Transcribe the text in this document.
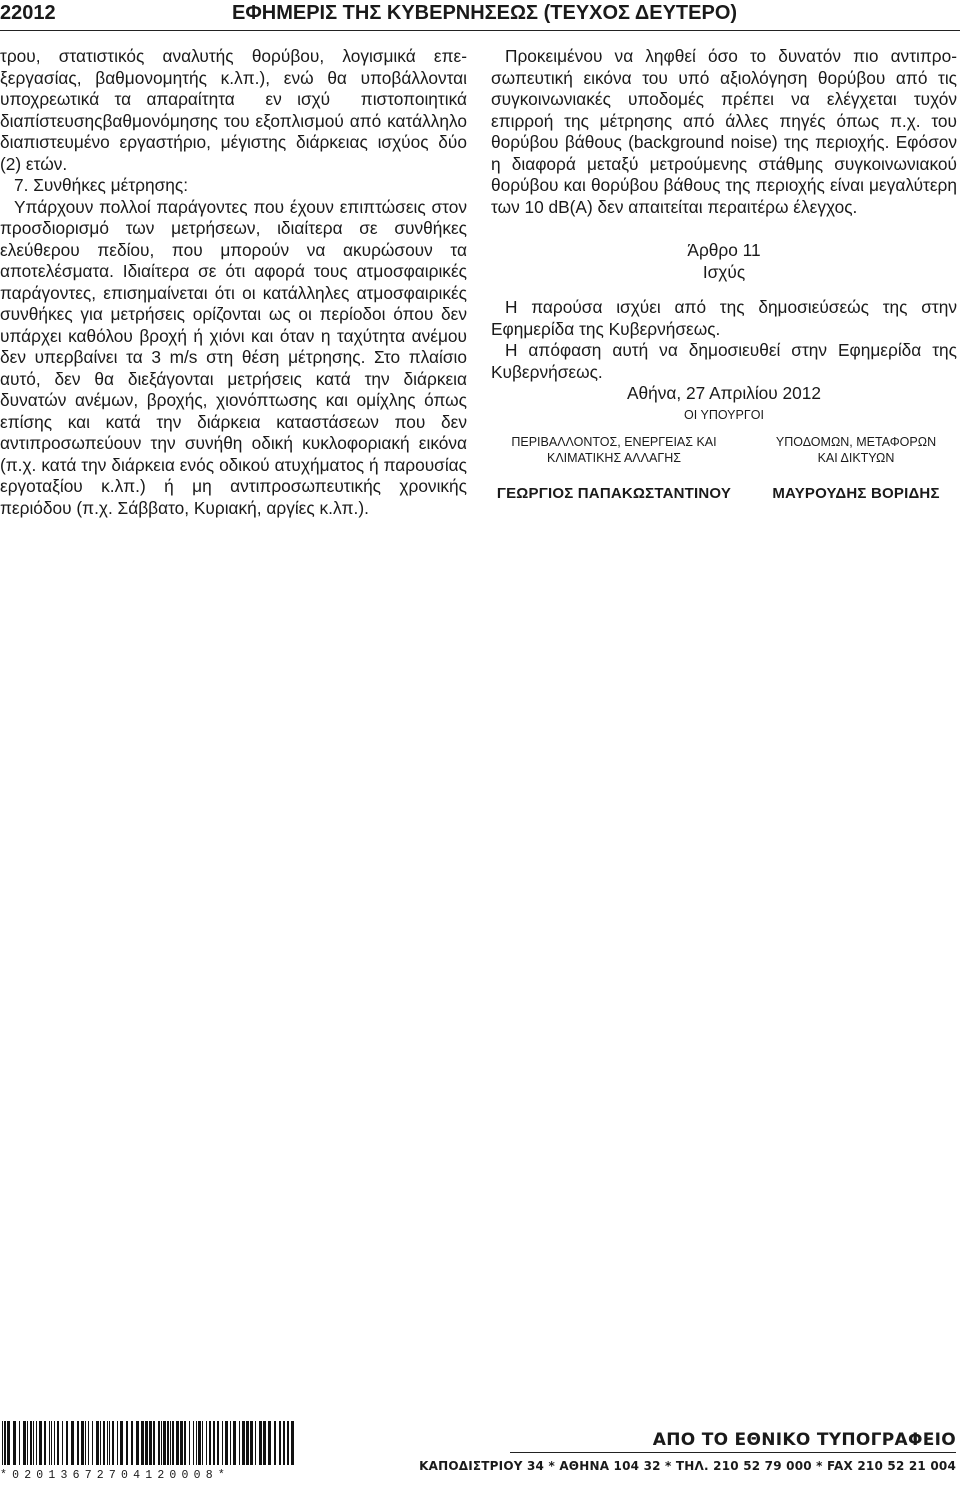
22012	ΕΦΗΜΕΡΙΣ ΤΗΣ ΚΥΒΕΡΝΗΣΕΩΣ (ΤΕΥΧΟΣ ΔΕΥΤΕΡΟ)

τρου, στατιστικός αναλυτής θορύβου, λογισμικά επεξεργασίας, βαθμονομητής κ.λπ.), ενώ θα υποβάλλονται υποχρεωτικά τα απαραίτητα εν ισχύ πιστοποιητικά διαπίστευσηςβαθμονόμησης του εξοπλισμού από κατάλληλο διαπιστευμένο εργαστήριο, μέγιστης διάρκειας ισχύος δύο (2) ετών.

7. Συνθήκες μέτρησης:

Υπάρχουν πολλοί παράγοντες που έχουν επιπτώσεις στον προσδιορισμό των μετρήσεων, ιδιαίτερα σε συνθήκες ελεύθερου πεδίου, που μπορούν να ακυρώσουν τα αποτελέσματα. Ιδιαίτερα σε ότι αφορά τους ατμοσφαιρικές παράγοντες, επισημαίνεται ότι οι κατάλληλες ατμοσφαιρικές συνθήκες για μετρήσεις ορίζονται ως οι περίοδοι όπου δεν υπάρχει καθόλου βροχή ή χιόνι και όταν η ταχύτητα ανέμου δεν υπερβαίνει τα 3 m/s στη θέση μέτρησης. Στο πλαίσιο αυτό, δεν θα διεξάγονται μετρήσεις κατά την διάρκεια δυνατών ανέμων, βροχής, χιονόπτωσης και ομίχλης όπως επίσης και κατά την διάρκεια καταστάσεων που δεν αντιπροσωπεύουν την συνήθη οδική κυκλοφοριακή εικόνα (π.χ. κατά την διάρκεια ενός οδικού ατυχήματος ή παρουσίας εργοταξίου κ.λπ.) ή μη αντιπροσωπευτικής χρονικής περιόδου (π.χ. Σάββατο, Κυριακή, αργίες κ.λπ.).

Προκειμένου να ληφθεί όσο το δυνατόν πιο αντιπροσωπευτική εικόνα του υπό αξιολόγηση θορύβου από τις συγκοινωνιακές υποδομές πρέπει να ελέγχεται τυχόν επιρροή της μέτρησης από άλλες πηγές όπως π.χ. του θορύβου βάθους (background noise) της περιοχής. Εφόσον η διαφορά μεταξύ μετρούμενης στάθμης συγκοινωνιακού θορύβου και θορύβου βάθους της περιοχής είναι μεγαλύτερη των 10 dB(A) δεν απαιτείται περαιτέρω έλεγχος.

Άρθρο 11

Ισχύς

Η παρούσα ισχύει από της δημοσιεύσεώς της στην Εφημερίδα της Κυβερνήσεως.

Η απόφαση αυτή να δημοσιευθεί στην Εφημερίδα της Κυβερνήσεως.

Αθήνα, 27 Απριλίου 2012

ΟΙ ΥΠΟΥΡΓΟΙ

ΠΕΡΙΒΑΛΛΟΝΤΟΣ, ΕΝΕΡΓΕΙΑΣ ΚΑΙ
ΚΛΙΜΑΤΙΚΗΣ ΑΛΛΑΓΗΣ
ΓΕΩΡΓΙΟΣ ΠΑΠΑΚΩΣΤΑΝΤΙΝΟΥ
ΥΠΟΔΟΜΩΝ, ΜΕΤΑΦΟΡΩΝ
ΚΑΙ ΔΙΚΤΥΩΝ
ΜΑΥΡΟΥΔΗΣ ΒΟΡΙΔΗΣ
*02013672704120008*
ΑΠΟ ΤΟ ΕΘΝΙΚΟ ΤΥΠΟΓΡΑΦΕΙΟ
ΚΑΠΟΔΙΣΤΡΙΟΥ 34 * ΑΘΗΝΑ 104 32 * ΤΗΛ. 210 52 79 000 * FAX 210 52 21 004
